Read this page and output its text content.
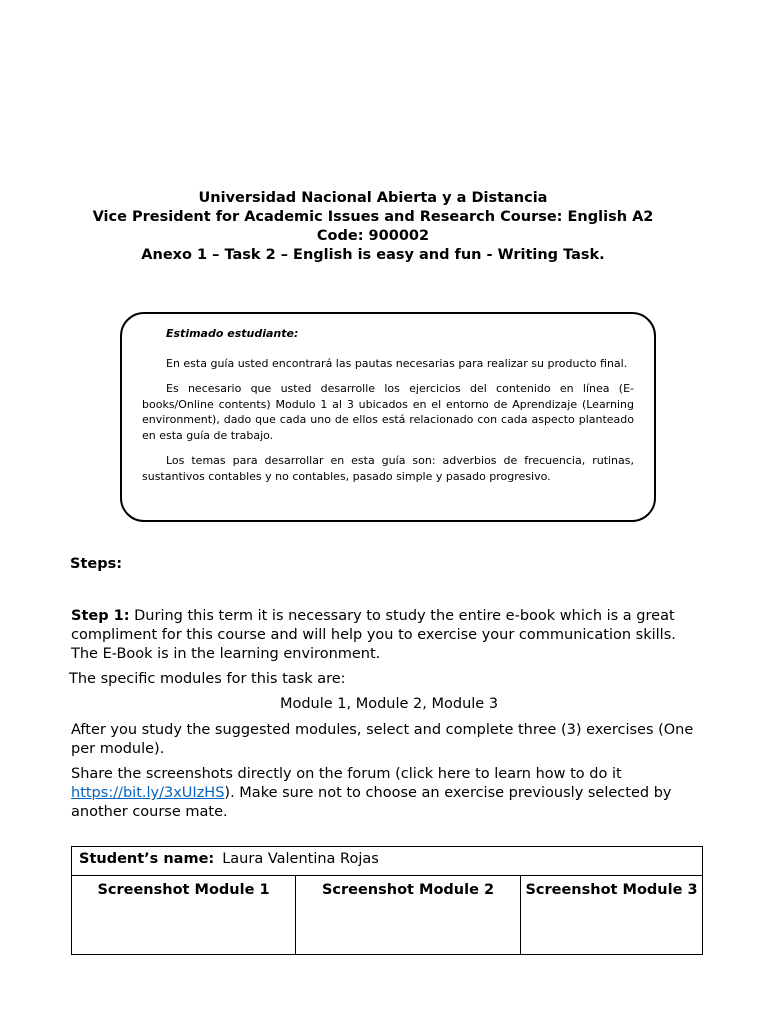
Universidad Nacional Abierta y a Distancia
Vice President for Academic Issues and Research Course: English A2
Code: 900002
Anexo 1 – Task 2 – English is easy and fun - Writing Task.
Estimado estudiante:

En esta guía usted encontrará las pautas necesarias para realizar su producto final.

Es necesario que usted desarrolle los ejercicios del contenido en línea (E-books/Online contents) Modulo 1 al 3 ubicados en el entorno de Aprendizaje (Learning environment), dado que cada uno de ellos está relacionado con cada aspecto planteado en esta guía de trabajo.

Los temas para desarrollar en esta guía son: adverbios de frecuencia, rutinas, sustantivos contables y no contables, pasado simple y pasado progresivo.

Steps:
Step 1: During this term it is necessary to study the entire e-book which is a great compliment for this course and will help you to exercise your communication skills. The E-Book is in the learning environment.
The specific modules for this task are:
Module 1, Module 2, Module 3
After you study the suggested modules, select and complete three (3) exercises (One per module).
Share the screenshots directly on the forum (click here to learn how to do it https://bit.ly/3xUIzHS). Make sure not to choose an exercise previously selected by another course mate.
Student’s name: Laura Valentina Rojas
Screenshot Module 1	Screenshot Module 2	Screenshot Module 3
